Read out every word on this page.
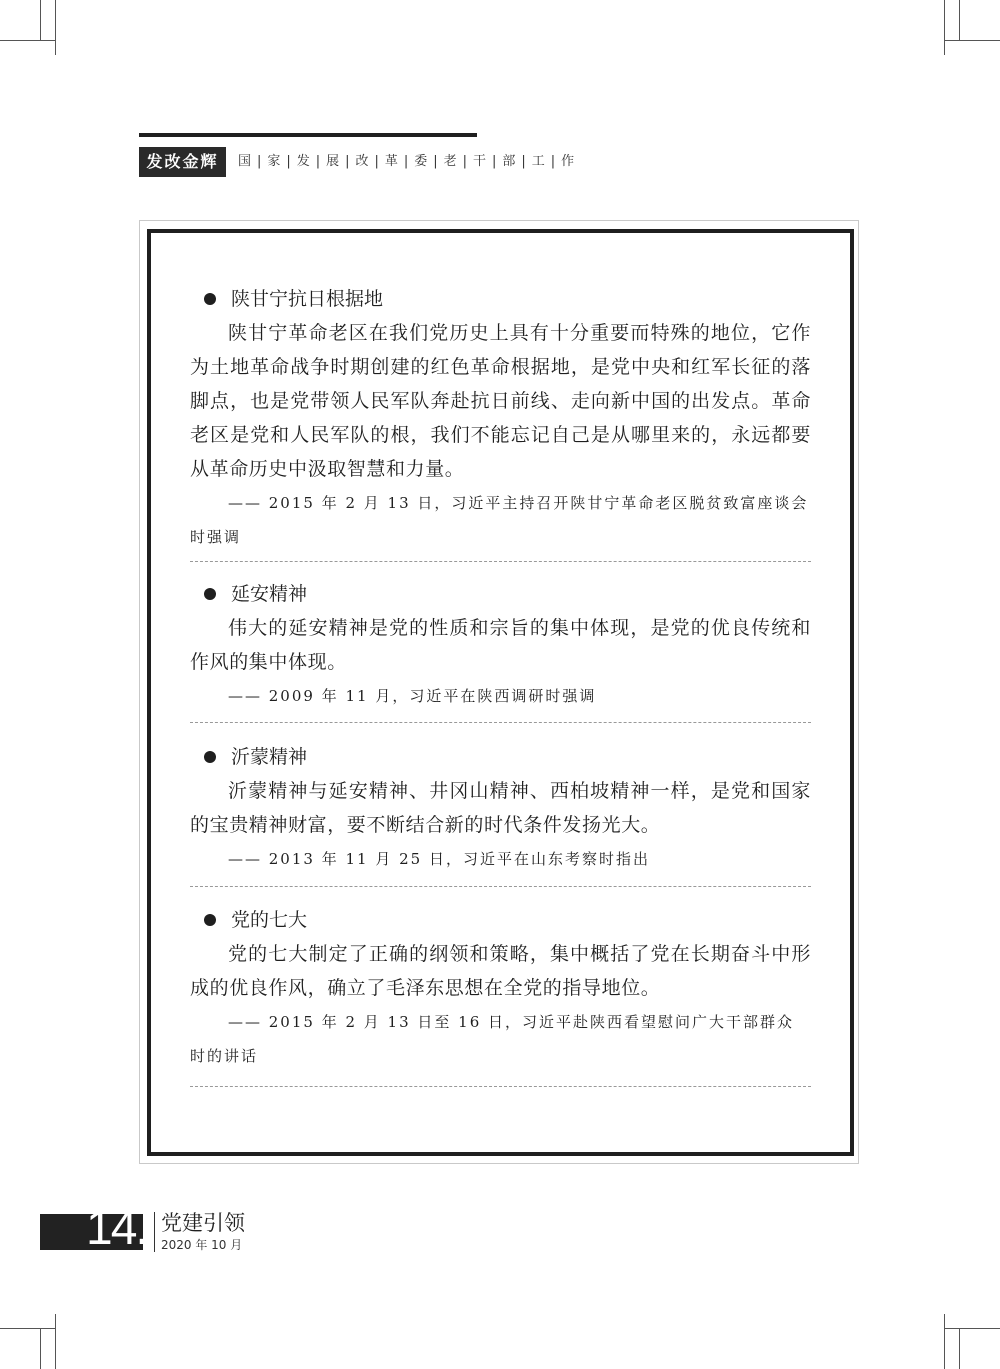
发改金辉	国|家|发|展|改|革|委|老|干|部|工|作
陕甘宁抗日根据地

陕甘宁革命老区在我们党历史上具有十分重要而特殊的地位，它作为土地革命战争时期创建的红色革命根据地，是党中央和红军长征的落脚点，也是党带领人民军队奔赴抗日前线、走向新中国的出发点。革命老区是党和人民军队的根，我们不能忘记自己是从哪里来的，永远都要从革命历史中汲取智慧和力量。

—— 2015 年 2 月 13 日，习近平主持召开陕甘宁革命老区脱贫致富座谈会时强调

延安精神

伟大的延安精神是党的性质和宗旨的集中体现，是党的优良传统和作风的集中体现。

—— 2009 年 11 月，习近平在陕西调研时强调

沂蒙精神

沂蒙精神与延安精神、井冈山精神、西柏坡精神一样，是党和国家的宝贵精神财富，要不断结合新的时代条件发扬光大。

—— 2013 年 11 月 25 日，习近平在山东考察时指出

党的七大

党的七大制定了正确的纲领和策略，集中概括了党在长期奋斗中形成的优良作风，确立了毛泽东思想在全党的指导地位。

—— 2015 年 2 月 13 日至 16 日，习近平赴陕西看望慰问广大干部群众时的讲话

14. 党建引领
2020 年 10 月
